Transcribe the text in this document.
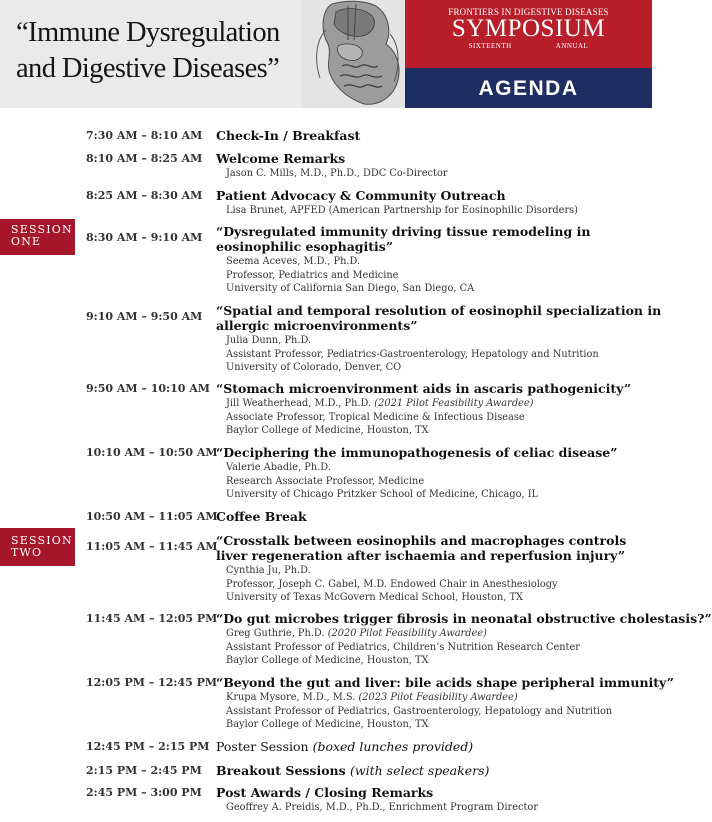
“Immune Dysregulation
and Digestive Diseases”
FRONTIERS IN DIGESTIVE DISEASES
SYMPOSIUM
SIXTEENTH	ANNUAL
AGENDA
SESSION
ONE
SESSION
TWO
7:30 AM – 8:10 AM Check-In / Breakfast
8:10 AM – 8:25 AM Welcome Remarks
Jason C. Mills, M.D., Ph.D., DDC Co-Director
8:25 AM – 8:30 AM Patient Advocacy & Community Outreach
Lisa Brunet, APFED (American Partnership for Eosinophilic Disorders)
8:30 AM – 9:10 AM “Dysregulated immunity driving tissue remodeling in
eosinophilic esophagitis”
Seema Aceves, M.D., Ph.D.
Professor, Pediatrics and Medicine
University of California San Diego, San Diego, CA
9:10 AM – 9:50 AM “Spatial and temporal resolution of eosinophil specialization in
allergic microenvironments”
Julia Dunn, Ph.D.
Assistant Professor, Pediatrics-Gastroenterology, Hepatology and Nutrition
University of Colorado, Denver, CO
9:50 AM – 10:10 AM “Stomach microenvironment aids in ascaris pathogenicity”
Jill Weatherhead, M.D., Ph.D. (2021 Pilot Feasibility Awardee)
Associate Professor, Tropical Medicine & Infectious Disease
Baylor College of Medicine, Houston, TX
10:10 AM – 10:50 AM
“Deciphering the immunopathogenesis of celiac disease”
Valerie Abadie, Ph.D.
Research Associate Professor, Medicine
University of Chicago Pritzker School of Medicine, Chicago, IL
10:50 AM – 11:05 AM
Coffee Break
11:05 AM – 11:45 AM
“Crosstalk between eosinophils and macrophages controls
liver regeneration after ischaemia and reperfusion injury”
Cynthia Ju, Ph.D.
Professor, Joseph C. Gabel, M.D. Endowed Chair in Anesthesiology
University of Texas McGovern Medical School, Houston, TX
11:45 AM – 12:05 PM
“Do gut microbes trigger fibrosis in neonatal obstructive cholestasis?”
Greg Guthrie, Ph.D. (2020 Pilot Feasibility Awardee)
Assistant Professor of Pediatrics, Children’s Nutrition Research Center
Baylor College of Medicine, Houston, TX
12:05 PM – 12:45 PM
“Beyond the gut and liver: bile acids shape peripheral immunity”
Krupa Mysore, M.D., M.S. (2023 Pilot Feasibility Awardee)
Assistant Professor of Pediatrics, Gastroenterology, Hepatology and Nutrition
Baylor College of Medicine, Houston, TX
12:45 PM – 2:15 PM Poster Session (boxed lunches provided)
2:15 PM – 2:45 PM Breakout Sessions (with select speakers)
2:45 PM – 3:00 PM Post Awards / Closing Remarks
Geoffrey A. Preidis, M.D., Ph.D., Enrichment Program Director
